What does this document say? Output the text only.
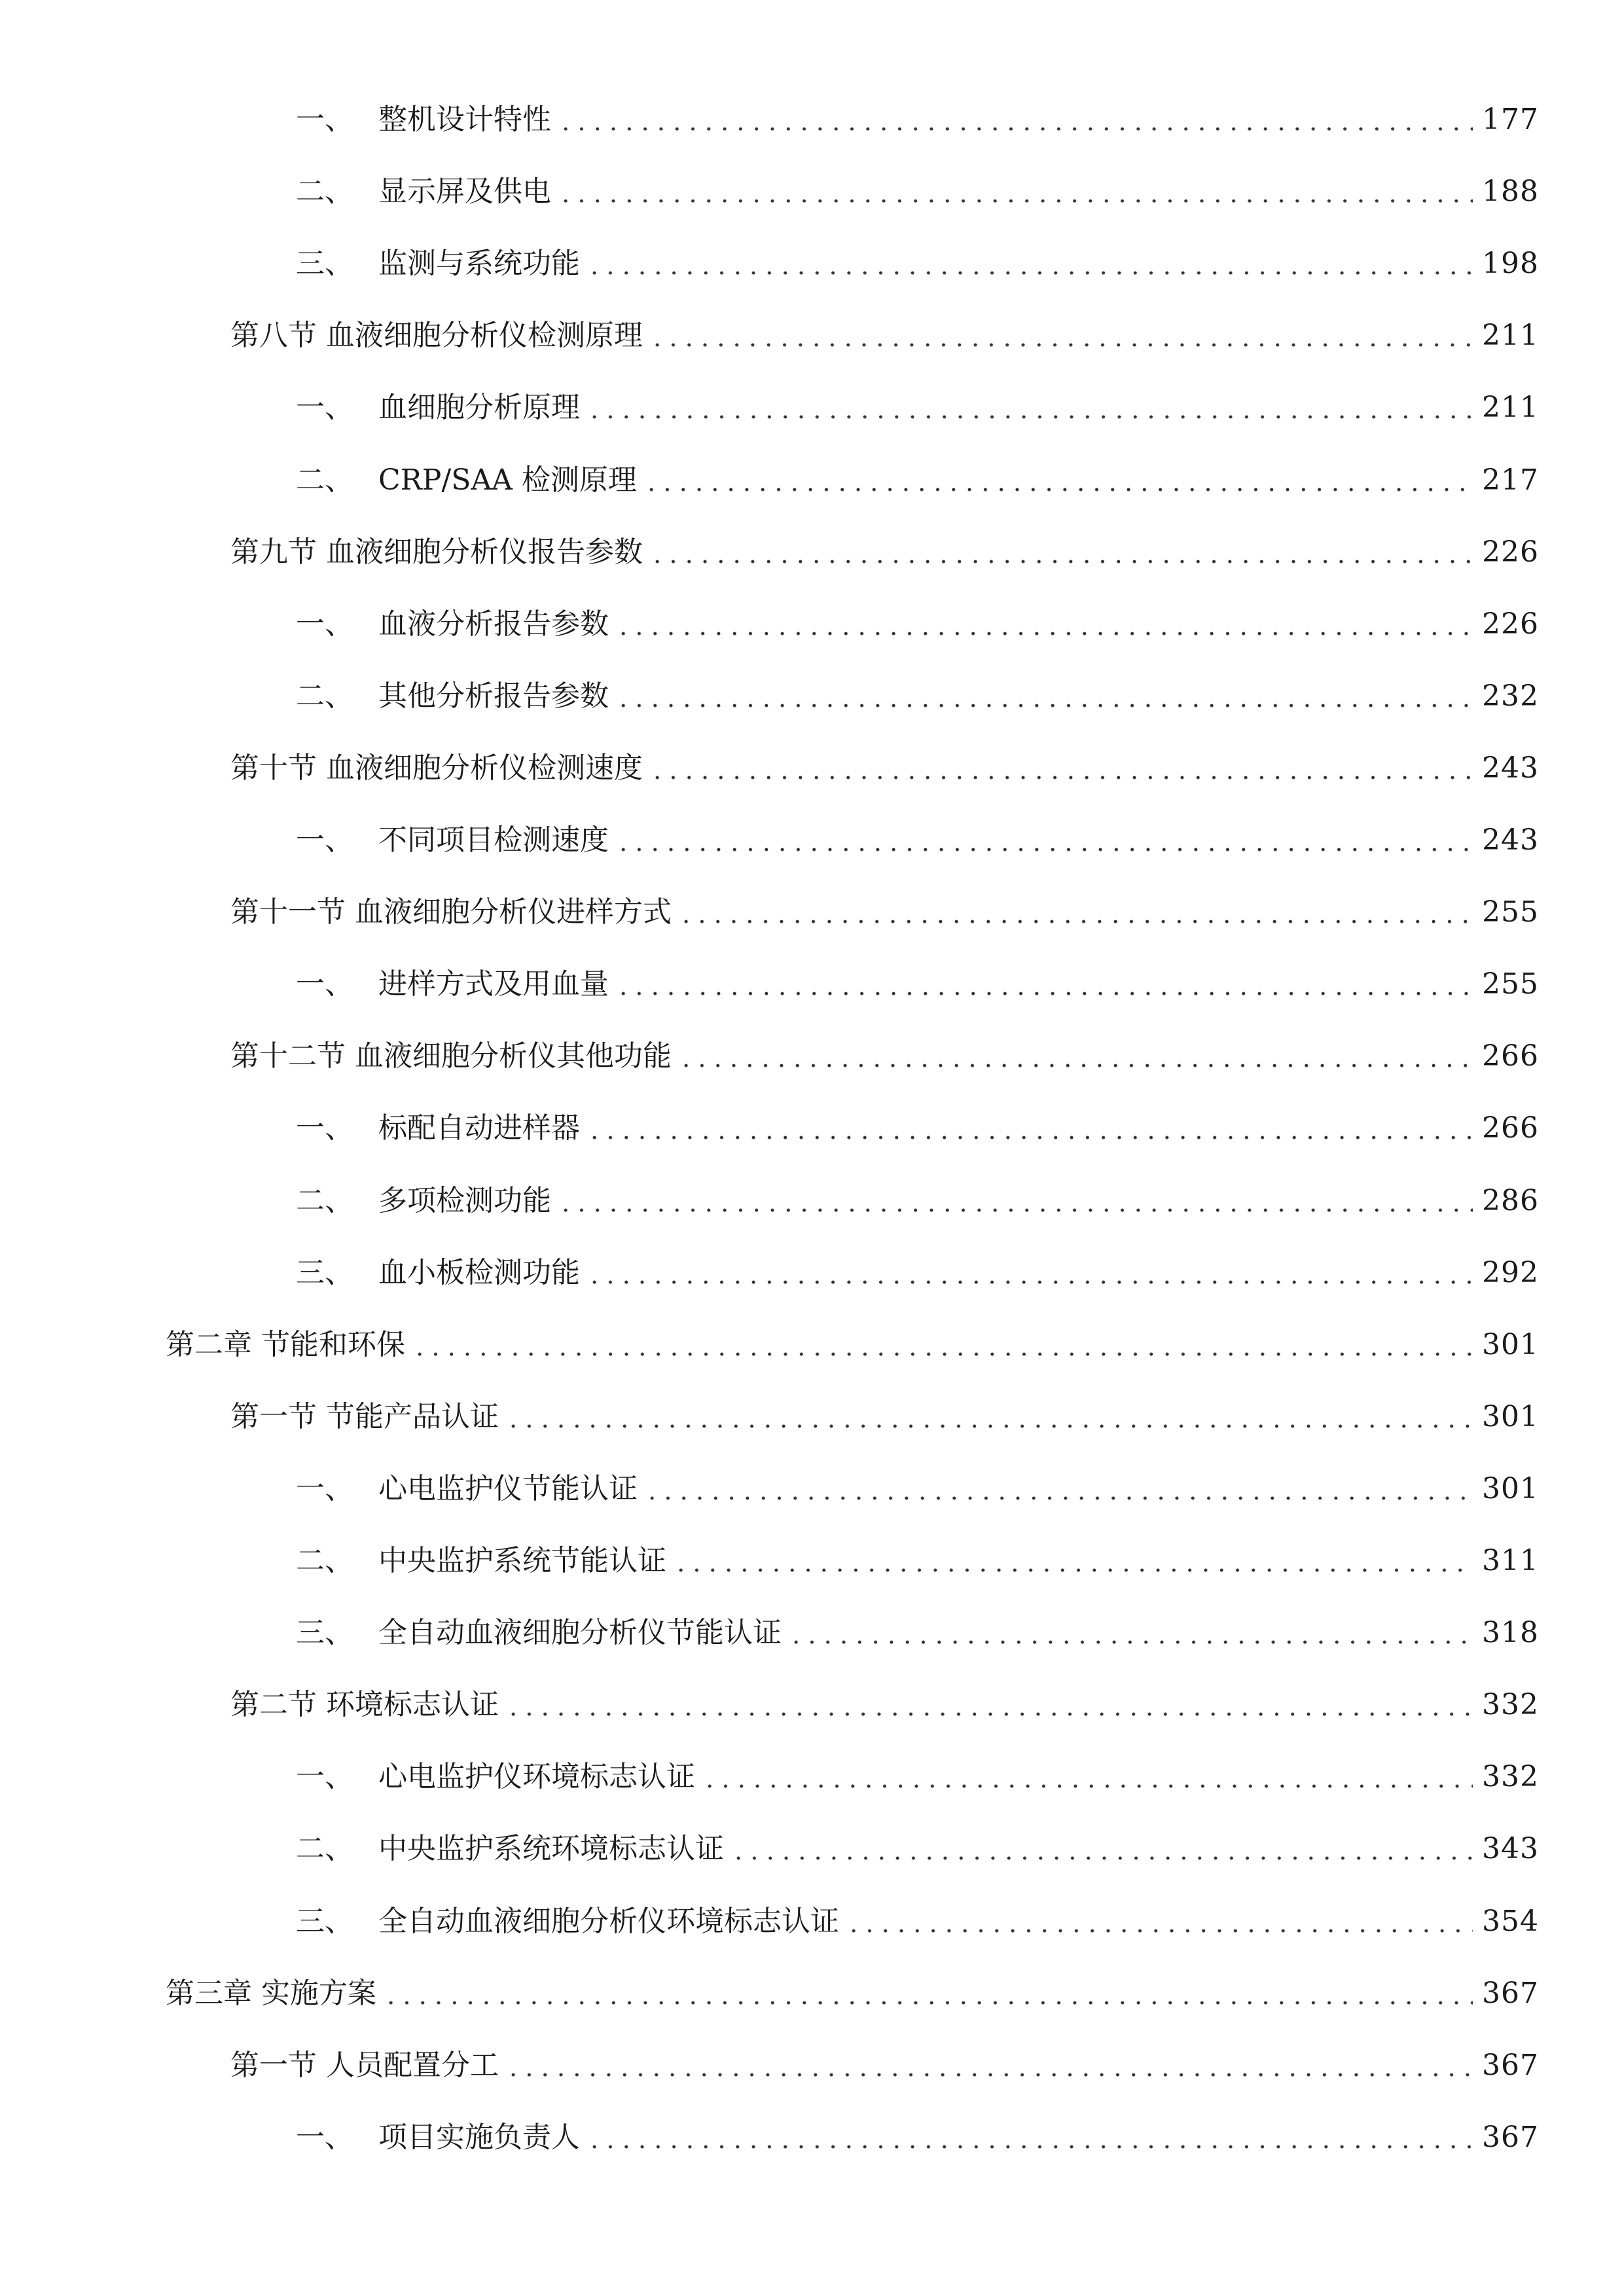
一、 整机设计特性	177
二、 显示屏及供电	188
三、 监测与系统功能	198
第八节 血液细胞分析仪检测原理	211
一、 血细胞分析原理	211
二、 CRP/SAA 检测原理	217
第九节 血液细胞分析仪报告参数	226
一、 血液分析报告参数	226
二、 其他分析报告参数	232
第十节 血液细胞分析仪检测速度	243
一、 不同项目检测速度	243
第十一节 血液细胞分析仪进样方式	255
一、 进样方式及用血量	255
第十二节 血液细胞分析仪其他功能	266
一、 标配自动进样器	266
二、 多项检测功能	286
三、 血小板检测功能	292
第二章 节能和环保	301
第一节 节能产品认证	301
一、 心电监护仪节能认证	301
二、 中央监护系统节能认证	311
三、 全自动血液细胞分析仪节能认证	318
第二节 环境标志认证	332
一、 心电监护仪环境标志认证	332
二、 中央监护系统环境标志认证	343
三、 全自动血液细胞分析仪环境标志认证	354
第三章 实施方案	367
第一节 人员配置分工	367
一、 项目实施负责人	367
